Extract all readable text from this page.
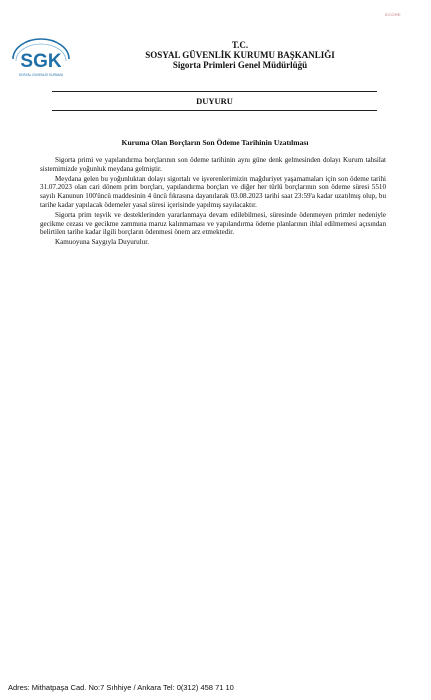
ECORE
SGK
SOSYAL GÜVENLİK KURUMU
T.C.
SOSYAL GÜVENLİK KURUMU BAŞKANLIĞI
Sigorta Primleri Genel Müdürlüğü
DUYURU
Kuruma Olan Borçların Son Ödeme Tarihinin Uzatılması

Sigorta primi ve yapılandırma borçlarının son ödeme tarihinin aynı güne denk gelmesinden dolayı Kurum tahsilat sistemimizde yoğunluk meydana gelmiştir.

Meydana gelen bu yoğunluktan dolayı sigortalı ve işverenlerimizin mağduriyet yaşamamaları için son ödeme tarihi 31.07.2023 olan cari dönem prim borçları, yapılandırma borçları ve diğer her türlü borçlarının son ödeme süresi 5510 sayılı Kanunun 100'üncü maddesinin 4 üncü fıkrasına dayanılarak 03.08.2023 tarihi saat 23:59'a kadar uzatılmış olup, bu tarihe kadar yapılacak ödemeler yasal süresi içerisinde yapılmış sayılacaktır.

Sigorta prim teşvik ve desteklerinden yararlanmaya devam edilebilmesi, süresinde ödenmeyen primler nedeniyle gecikme cezası ve gecikme zammına maruz kalınmaması ve yapılandırma ödeme planlarının ihlal edilmemesi açısından belirtilen tarihe kadar ilgili borçların ödenmesi önem arz etmektedir.

Kamuoyuna Saygıyla Duyurulur.

Adres: Mithatpaşa Cad. No:7 Sıhhiye / Ankara Tel: 0(312) 458 71 10
